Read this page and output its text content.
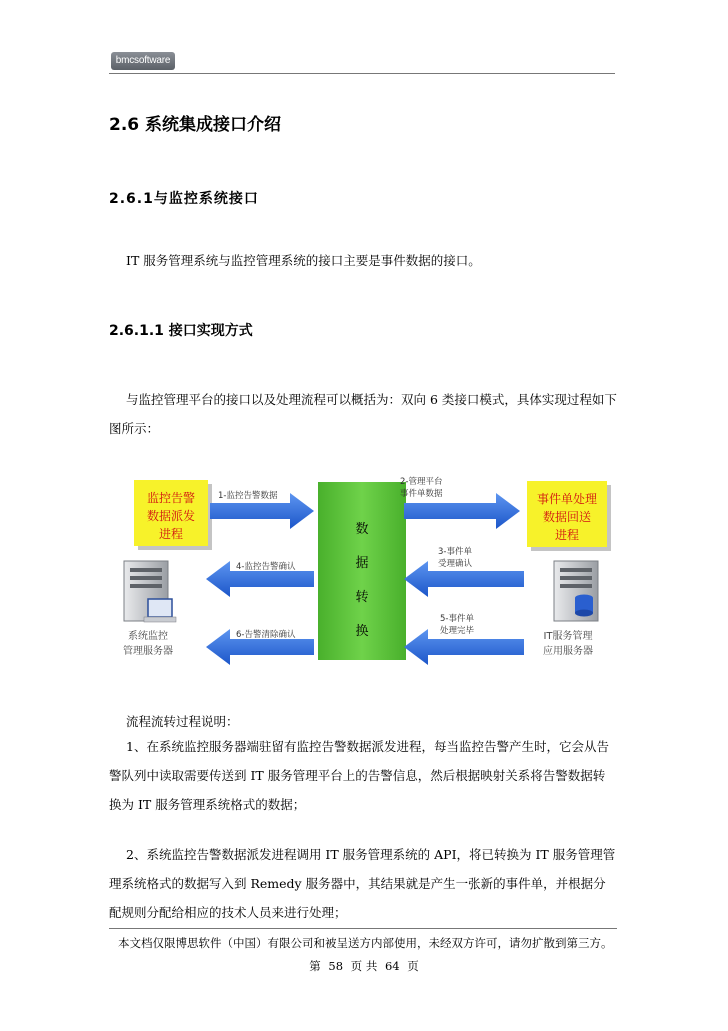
bmcsoftware
2.6 系统集成接口介绍
2.6.1与监控系统接口

IT 服务管理系统与监控管理系统的接口主要是事件数据的接口。

2.6.1.1 接口实现方式

与监控管理平台的接口以及处理流程可以概括为：双向 6 类接口模式，具体实现过程如下图所示：

数
据
转
换
监控告警
数据派发
进程
事件单处理
数据回送
进程
系统监控
管理服务器
IT服务管理
应用服务器
1-监控告警数据
2-管理平台
事件单数据
4-监控告警确认
3-事件单
受理确认
6-告警清除确认
5-事件单
处理完毕

流程流转过程说明：

1、在系统监控服务器端驻留有监控告警数据派发进程，每当监控告警产生时，它会从告警队列中读取需要传送到 IT 服务管理平台上的告警信息，然后根据映射关系将告警数据转换为 IT 服务管理系统格式的数据；

2、系统监控告警数据派发进程调用 IT 服务管理系统的 API，将已转换为 IT 服务管理管理系统格式的数据写入到 Remedy 服务器中，其结果就是产生一张新的事件单，并根据分配规则分配给相应的技术人员来进行处理；

本文档仅限博思软件（中国）有限公司和被呈送方内部使用，未经双方许可，请勿扩散到第三方。
第 58 页 共 64 页
